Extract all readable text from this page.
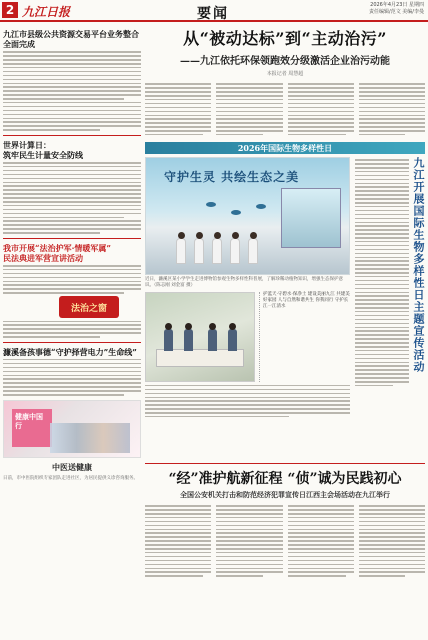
2 九江日报	要闻
2026年4月23日 星期四
责任编辑/范文 美编/李曼
九江市县级公共资源交易平台业务整合全面完成
世界计算日：
筑牢民生计量安全防线
我市开展“法治护军·情暖军属”
民法典进军营宣讲活动
法治之窗
濂溪备孩事德“守护择营电力”生命线”
健康中国行
中医送健康
日前，市中医院组织专家团队走进社区，为居民提供义诊咨询服务。
从“被动达标”到“主动治污”
——九江依托环保领跑效分级激活企业治污动能
本报记者 周慧超
2026年国际生物多样性日
守护生灵 共绘生态之美
近日，濂溪区某小学学生走进博物馆参观生物多样性科普展，了解珍稀动植物知识，增强生态保护意识。（陈志刚 刘金富 摄）
护蓝天·守碧水·保净土 建设美丽九江 共建美好家园 人与自然和谐共生 你我同行 守护长江一江清水	九江开展国际生物多样性日主题宣传活动
“经”准护航新征程 “侦”诚为民践初心
全国公安机关打击和防范经济犯罪宣传日江西主会场活动在九江举行
